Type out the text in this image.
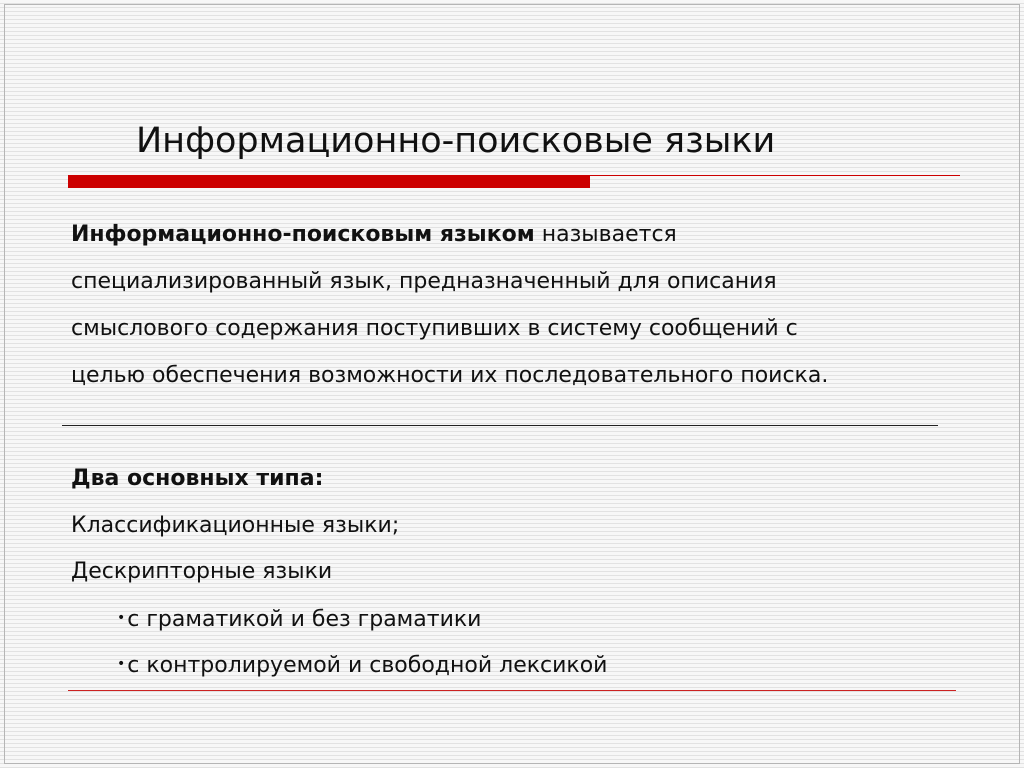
Информационно-поисковые языки

Информационно-поисковым языком называется

специализированный язык, предназначенный для описания

смыслового содержания поступивших в систему сообщений с

целью обеспечения возможности их последовательного поиска.

Два основных типа:

Классификационные языки;

Дескрипторные языки

•с граматикой и без граматики

•с контролируемой и свободной лексикой
